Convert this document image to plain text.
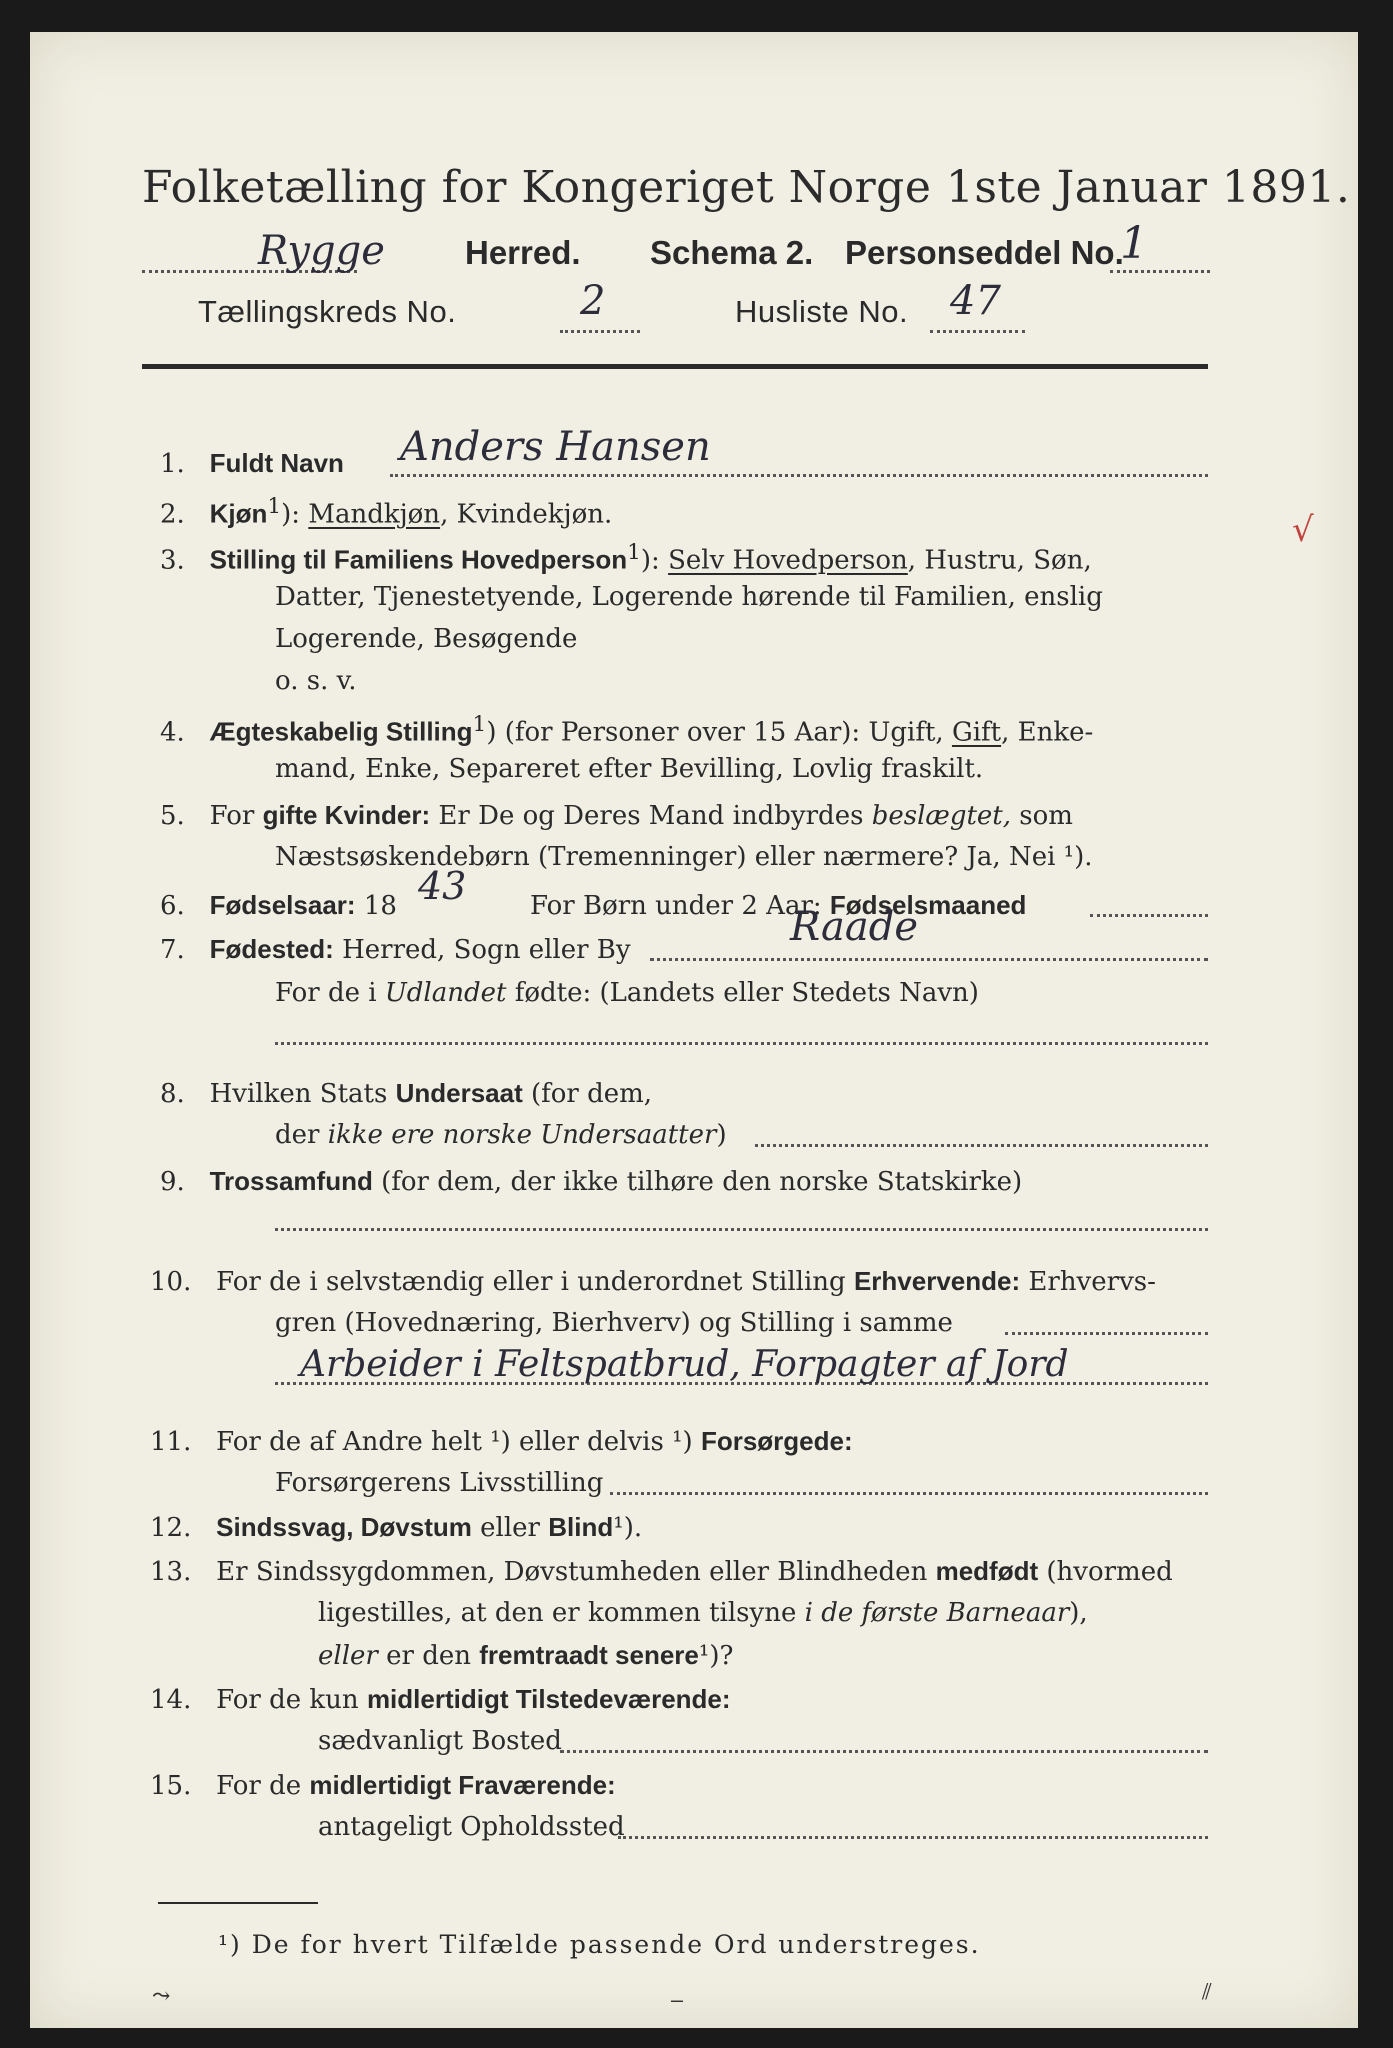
Folketælling for Kongeriget Norge 1ste Januar 1891.
Rygge Herred. Schema 2. Personseddel No.
1
Tællingskreds No.	2	Husliste No. 47
1. Fuldt Navn Anders Hansen
2. Kjøn$^1$): Mandkjøn, Kvindekjøn.
3. Stilling til Familiens Hovedperson$^1$): Selv Hovedperson, Hustru, Søn,
Datter, Tjenestetyende, Logerende hørende til Familien, enslig
Logerende, Besøgende
o. s. v.
√
4. Ægteskabelig Stilling$^1$) (for Personer over 15 Aar): Ugift, Gift, Enke-
mand, Enke, Separeret efter Bevilling, Lovlig fraskilt.
5. For gifte Kvinder: Er De og Deres Mand indbyrdes beslægtet, som
Næstsøskendebørn (Tremenninger) eller nærmere? Ja, Nei ¹).
6. Fødselsaar: 18 43 For Børn under 2 Aar: Fødselsmaaned
7. Fødested: Herred, Sogn eller By	Raade
For de i Udlandet fødte: (Landets eller Stedets Navn)
8. Hvilken Stats Undersaat (for dem,
der ikke ere norske Undersaatter)
9. Trossamfund (for dem, der ikke tilhøre den norske Statskirke)
10. For de i selvstændig eller i underordnet Stilling Erhvervende: Erhvervs-
gren (Hovednæring, Bierhverv) og Stilling i samme
Arbeider i Feltspatbrud, Forpagter af Jord
11. For de af Andre helt ¹) eller delvis ¹) Forsørgede:
Forsørgerens Livsstilling
12. Sindssvag, Døvstum eller Blind¹).
13. Er Sindssygdommen, Døvstumheden eller Blindheden medfødt (hvormed
ligestilles, at den er kommen tilsyne i de første Barneaar),
eller er den fremtraadt senere¹)?
14. For de kun midlertidigt Tilstedeværende:
sædvanligt Bosted
15. For de midlertidigt Fraværende:
antageligt Opholdssted
¹) De for hvert Tilfælde passende Ord understreges.
⤳	‒	⫽
